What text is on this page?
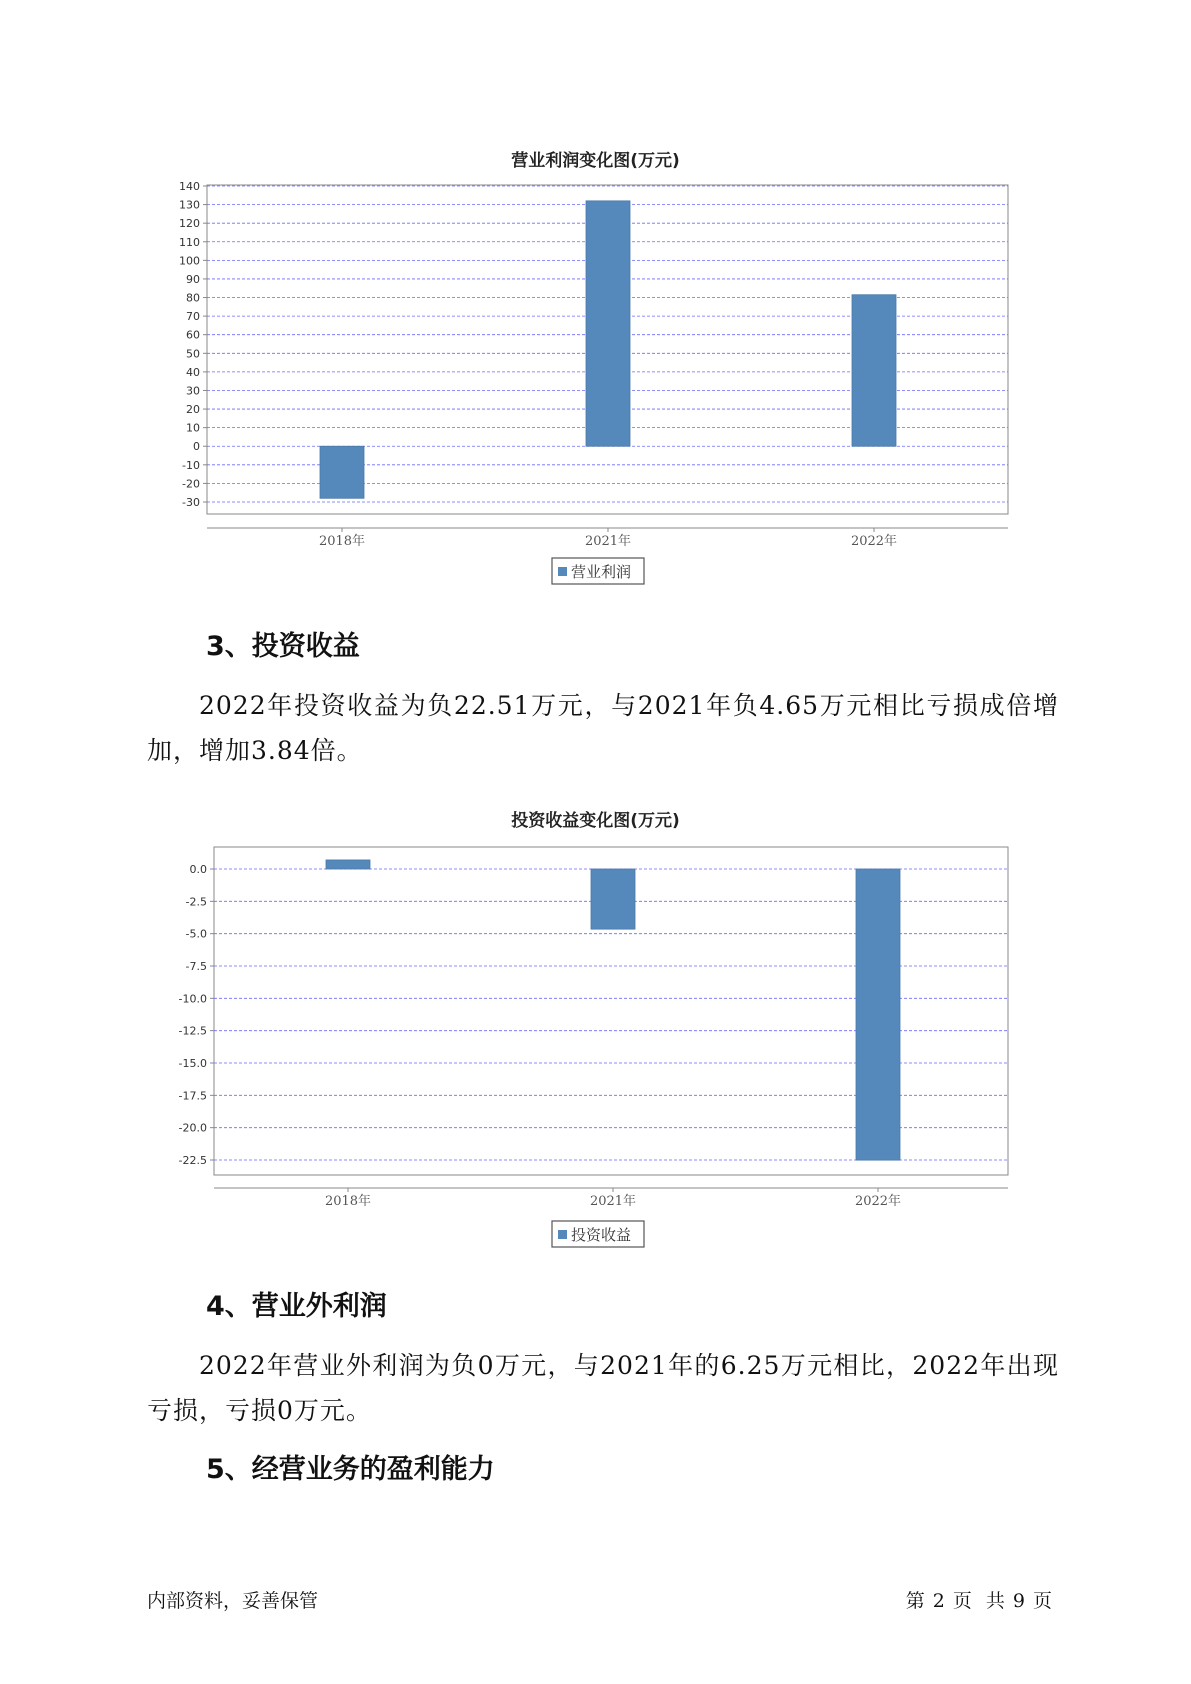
营业利润变化图(万元)
140
130
120
110
100
90
80
70
60
50
40
30
20
10
0
-10
-20
-30
2018年	2021年	2022年
营业利润
3、投资收益
2022年投资收益为负22.51万元，与2021年负4.65万元相比亏损成倍增加，增加3.84倍。
投资收益变化图(万元)
0.0
-2.5
-5.0
-7.5
-10.0
-12.5
-15.0
-17.5
-20.0
-22.5
2018年	2021年	2022年
投资收益
4、营业外利润
2022年营业外利润为负0万元，与2021年的6.25万元相比，2022年出现亏损，亏损0万元。
5、经营业务的盈利能力
内部资料，妥善保管	第 2 页 共 9 页
